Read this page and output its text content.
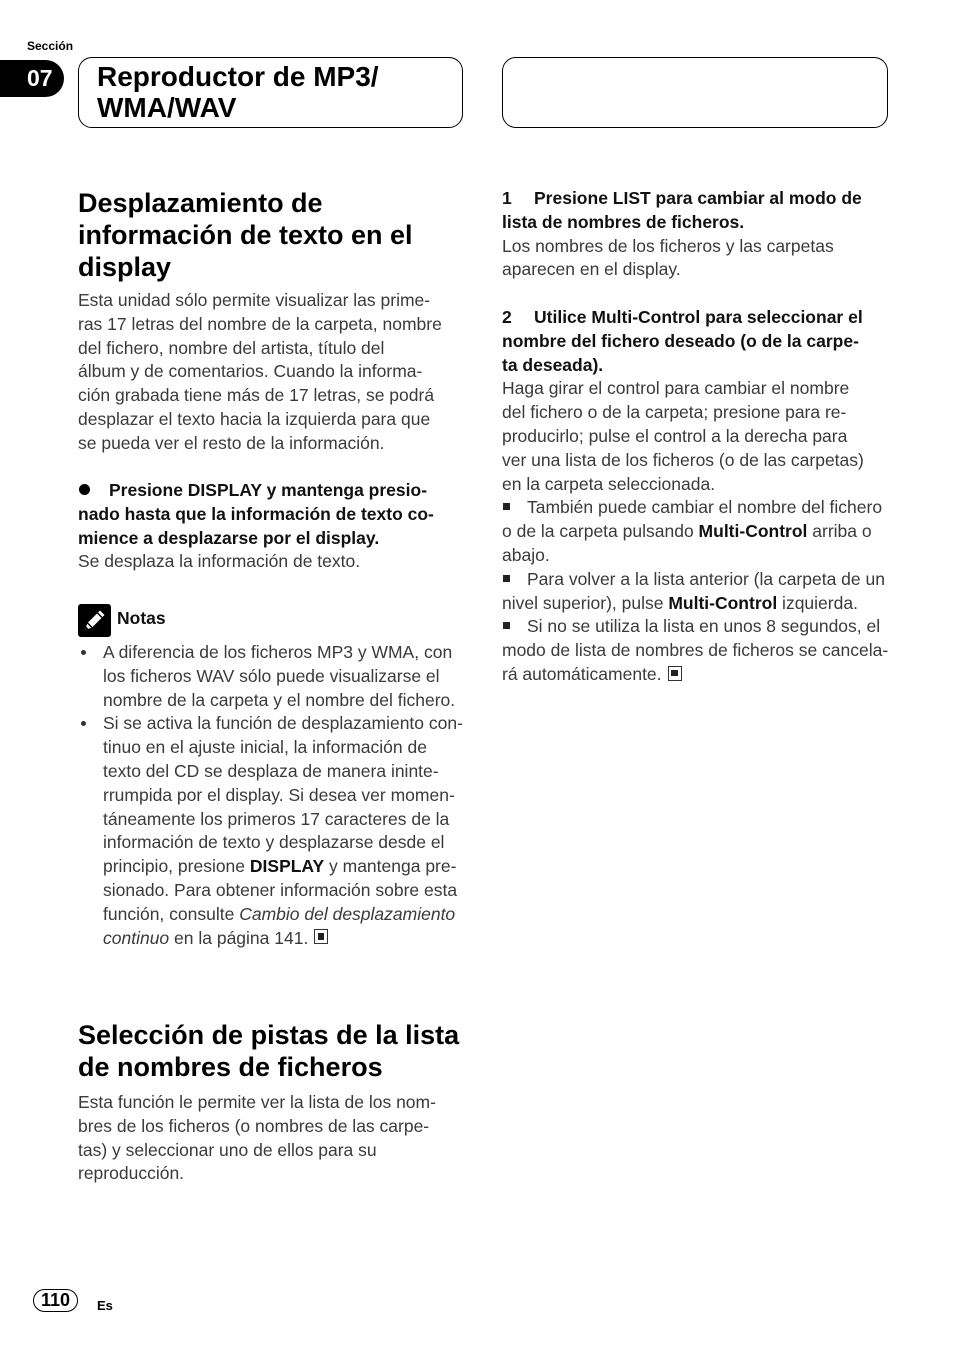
Sección
07 Reproductor de MP3/
WMA/WAV
Desplazamiento de
información de texto en el
display
Esta unidad sólo permite visualizar las prime-
ras 17 letras del nombre de la carpeta, nombre
del fichero, nombre del artista, título del
álbum y de comentarios. Cuando la informa-
ción grabada tiene más de 17 letras, se podrá
desplazar el texto hacia la izquierda para que
se pueda ver el resto de la información.
Presione DISPLAY y mantenga presio-
nado hasta que la información de texto co-
mience a desplazarse por el display.
Se desplaza la información de texto.
Notas
A diferencia de los ficheros MP3 y WMA, con
los ficheros WAV sólo puede visualizarse el
nombre de la carpeta y el nombre del fichero.
Si se activa la función de desplazamiento con-
tinuo en el ajuste inicial, la información de
texto del CD se desplaza de manera ininte-
rrumpida por el display. Si desea ver momen-
táneamente los primeros 17 caracteres de la
información de texto y desplazarse desde el
principio, presione DISPLAY y mantenga pre-
sionado. Para obtener información sobre esta
función, consulte Cambio del desplazamiento
continuo en la página 141.
Selección de pistas de la lista
de nombres de ficheros
Esta función le permite ver la lista de los nom-
bres de los ficheros (o nombres de las carpe-
tas) y seleccionar uno de ellos para su
reproducción.
1 Presione LIST para cambiar al modo de
lista de nombres de ficheros.
Los nombres de los ficheros y las carpetas
aparecen en el display.
2 Utilice Multi-Control para seleccionar el
nombre del fichero deseado (o de la carpe-
ta deseada).
Haga girar el control para cambiar el nombre
del fichero o de la carpeta; presione para re-
producirlo; pulse el control a la derecha para
ver una lista de los ficheros (o de las carpetas)
en la carpeta seleccionada.
También puede cambiar el nombre del fichero
o de la carpeta pulsando Multi-Control arriba o
abajo.
Para volver a la lista anterior (la carpeta de un
nivel superior), pulse Multi-Control izquierda.
Si no se utiliza la lista en unos 8 segundos, el
modo de lista de nombres de ficheros se cancela-
rá automáticamente.
110	Es
